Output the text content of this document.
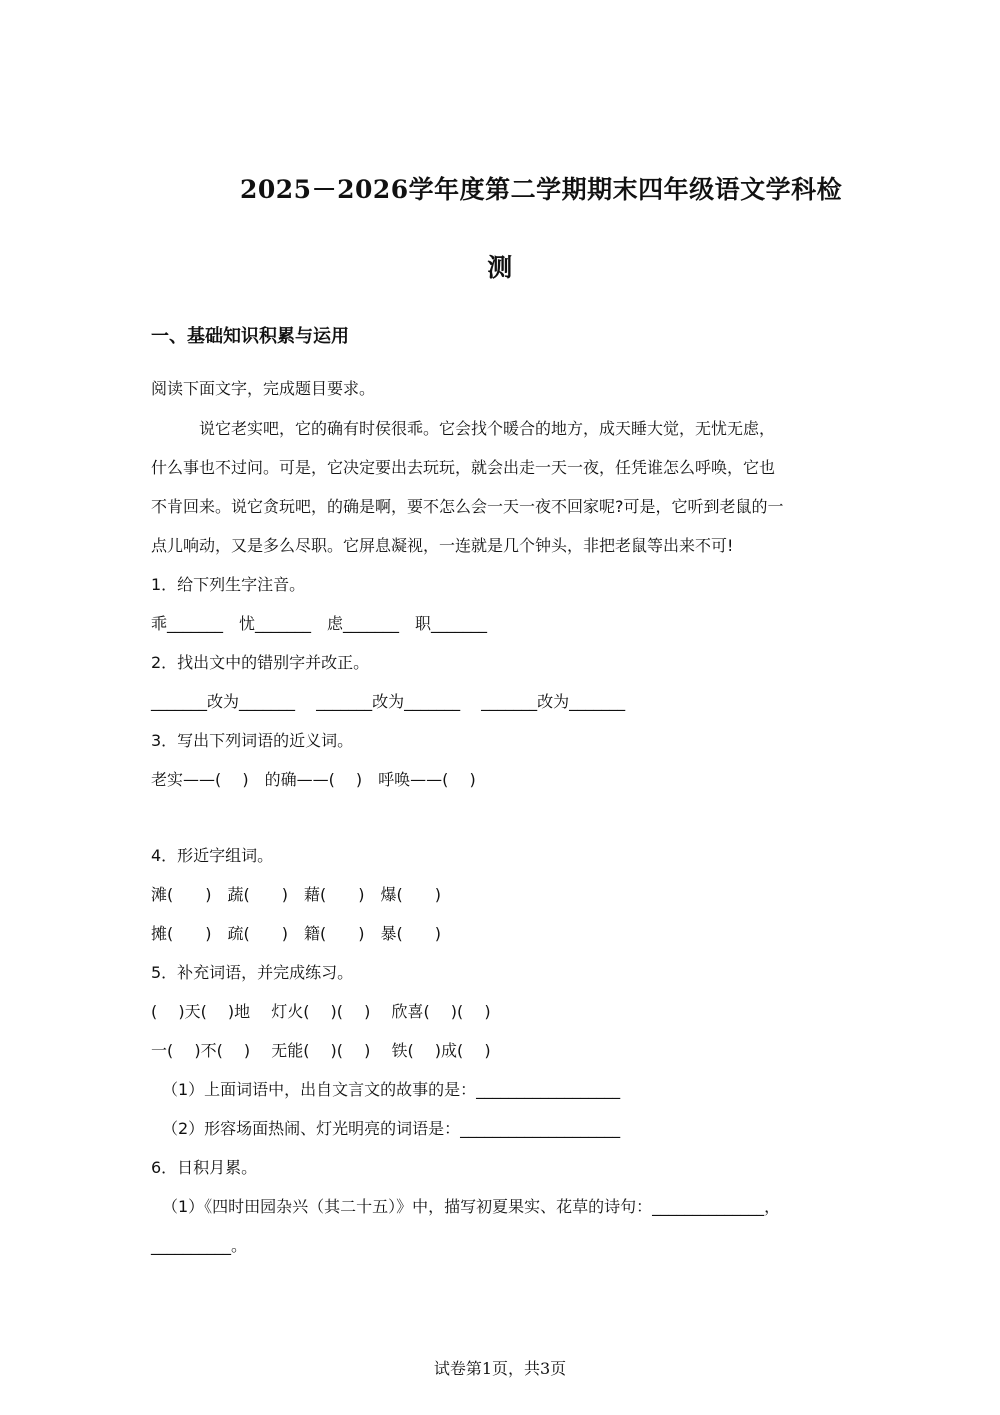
2025－2026学年度第二学期期末四年级语文学科检
测
一、基础知识积累与运用
阅读下面文字，完成题目要求。
说它老实吧，它的确有时侯很乖。它会找个暖合的地方，成天睡大觉，无忧无虑，
什么事也不过问。可是，它决定要出去玩玩，就会出走一天一夜，任凭谁怎么呼唤，它也
不肯回来。说它贪玩吧，的确是啊，要不怎么会一天一夜不回家呢?可是，它听到老鼠的一
点儿响动，又是多么尽职。它屏息凝视，一连就是几个钟头，非把老鼠等出来不可!
1．给下列生字注音。
乖_______　忧_______　虑_______　职_______
2．找出文中的错别字并改正。
_______改为_______　 _______改为_______　 _______改为_______
3．写出下列词语的近义词。
老实——(　 )　的确——(　 )　呼唤——(　 )
4．形近字组词。
滩(　　)　蔬(　　)　藉(　　)　爆(　　)
摊(　　)　疏(　　)　籍(　　)　暴(　　)
5．补充词语，并完成练习。
(　 )天(　 )地　 灯火(　 )(　 )　 欣喜(　 )(　 )
一(　 )不(　 )　 无能(　 )(　 )　 铁(　 )成(　 )
（1）上面词语中，出自文言文的故事的是：__________________
（2）形容场面热闹、灯光明亮的词语是：____________________
6．日积月累。
（1）《四时田园杂兴（其二十五）》中，描写初夏果实、花草的诗句：______________，
__________。
试卷第1页，共3页
